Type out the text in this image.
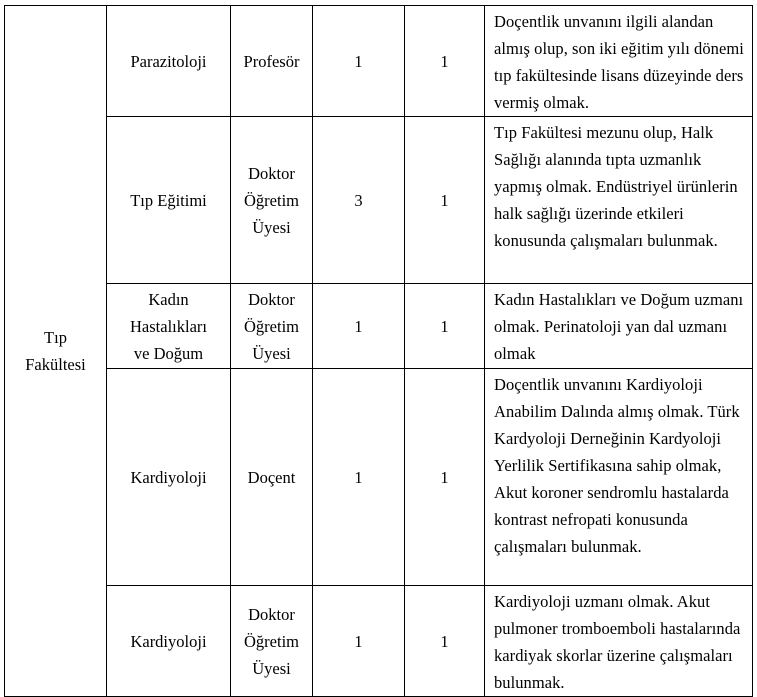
Tıp
Fakültesi	Parazitoloji	Profesör	1	1	Doçentlik unvanını ilgili alandan almış olup, son iki eğitim yılı dönemi tıp fakültesinde lisans düzeyinde ders vermiş olmak.

	Tıp Eğitimi	Doktor
Öğretim
Üyesi	3	1	Tıp Fakültesi mezunu olup, Halk Sağlığı alanında tıpta uzmanlık yapmış olmak. Endüstriyel ürünlerin halk sağlığı üzerinde etkileri konusunda çalışmaları bulunmak.

	Kadın
Hastalıkları
ve Doğum	Doktor
Öğretim
Üyesi	1	1	Kadın Hastalıkları ve Doğum uzmanı olmak. Perinatoloji yan dal uzmanı olmak

	Kardiyoloji	Doçent	1	1	Doçentlik unvanını Kardiyoloji Anabilim Dalında almış olmak. Türk Kardyoloji Derneğinin Kardyoloji Yerlilik Sertifikasına sahip olmak, Akut koroner sendromlu hastalarda kontrast nefropati konusunda çalışmaları bulunmak.

	Kardiyoloji	Doktor
Öğretim
Üyesi	1	1	Kardiyoloji uzmanı olmak. Akut pulmoner tromboemboli hastalarında kardiyak skorlar üzerine çalışmaları bulunmak.
